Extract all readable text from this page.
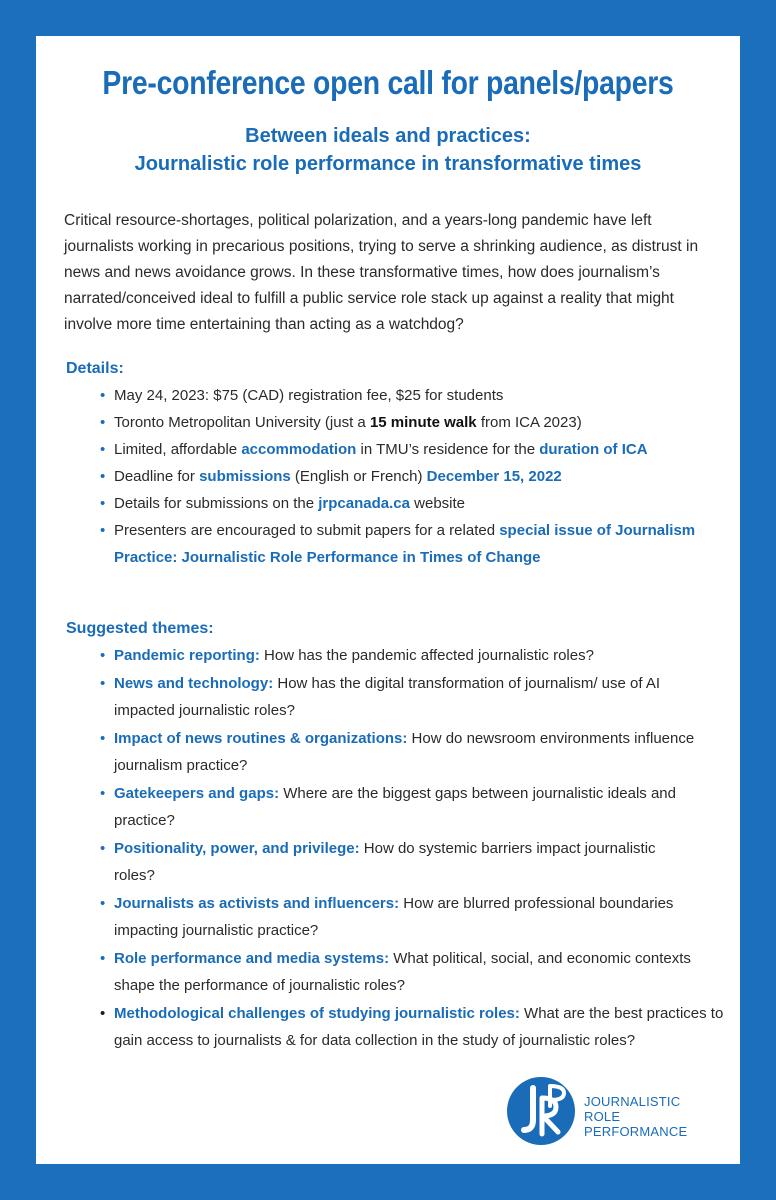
Pre-conference open call for panels/papers
Between ideals and practices:
Journalistic role performance in transformative times
Critical resource-shortages, political polarization, and a years-long pandemic have left journalists working in precarious positions, trying to serve a shrinking audience, as distrust in news and news avoidance grows. In these transformative times, how does journalism’s narrated/conceived ideal to fulfill a public service role stack up against a reality that might involve more time entertaining than acting as a watchdog?
Details:
• May 24, 2023: $75 (CAD) registration fee, $25 for students
• Toronto Metropolitan University (just a 15 minute walk from ICA 2023)
• Limited, affordable accommodation in TMU’s residence for the duration of ICA
• Deadline for submissions (English or French) December 15, 2022
• Details for submissions on the jrpcanada.ca website
• Presenters are encouraged to submit papers for a related special issue of Journalism Practice: Journalistic Role Performance in Times of Change
Suggested themes:
• Pandemic reporting: How has the pandemic affected journalistic roles?
• News and technology: How has the digital transformation of journalism/ use of AI impacted journalistic roles?
• Impact of news routines & organizations: How do newsroom environments influence journalism practice?
• Gatekeepers and gaps: Where are the biggest gaps between journalistic ideals and practice?
• Positionality, power, and privilege: How do systemic barriers impact journalistic roles?
• Journalists as activists and influencers: How are blurred professional boundaries impacting journalistic practice?
• Role performance and media systems: What political, social, and economic contexts shape the performance of journalistic roles?
• Methodological challenges of studying journalistic roles: What are the best practices to gain access to journalists & for data collection in the study of journalistic roles?
JOURNALISTIC
ROLE PERFORMANCE
